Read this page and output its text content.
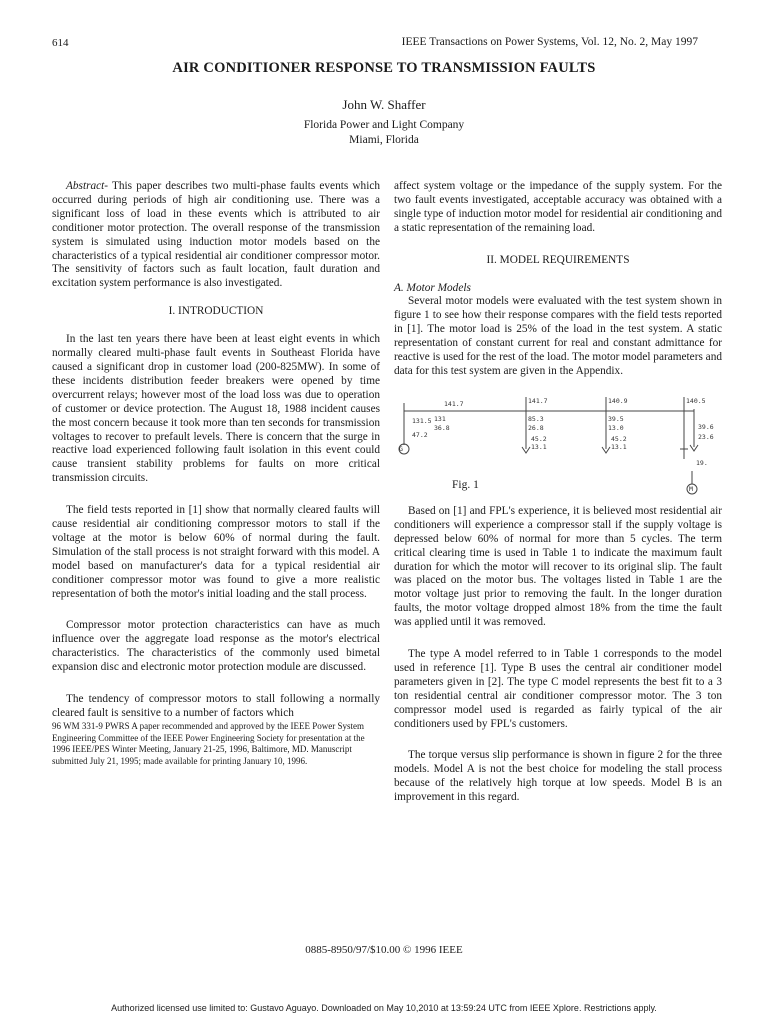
614	IEEE Transactions on Power Systems, Vol. 12, No. 2, May 1997
AIR CONDITIONER RESPONSE TO TRANSMISSION FAULTS
John W. Shaffer
Florida Power and Light Company
Miami, Florida

Abstract- This paper describes two multi-phase faults events which occurred during periods of high air conditioning use. There was a significant loss of load in these events which is attributed to air conditioner motor protection. The overall response of the transmission system is simulated using induction motor models based on the characteristics of a typical residential air conditioner compressor motor. The sensitivity of factors such as fault location, fault duration and excitation system performance is also investigated.

I. INTRODUCTION

In the last ten years there have been at least eight events in which normally cleared multi-phase fault events in Southeast Florida have caused a significant drop in customer load (200-825MW). In some of these incidents distribution feeder breakers were opened by time overcurrent relays; however most of the load loss was due to operation of customer or device protection. The August 18, 1988 incident causes the most concern because it took more than ten seconds for transmission voltages to recover to prefault levels. There is concern that the surge in reactive load experienced following fault isolation in this event could cause transient stability problems for faults on more critical transmission circuits.

The field tests reported in [1] show that normally cleared faults will cause residential air conditioning compressor motors to stall if the voltage at the motor is below 60% of normal during the fault. Simulation of the stall process is not straight forward with this model. A model based on manufacturer's data for a typical residential air conditioner compressor motor was found to give a more realistic representation of both the motor's initial loading and the stall process.

Compressor motor protection characteristics can have as much influence over the aggregate load response as the motor's electrical characteristics. The characteristics of the commonly used bimetal expansion disc and electronic motor protection module are discussed.

The tendency of compressor motors to stall following a normally cleared fault is sensitive to a number of factors which

96 WM 331-9 PWRS A paper recommended and approved by the IEEE Power System Engineering Committee of the IEEE Power Engineering Society for presentation at the 1996 IEEE/PES Winter Meeting, January 21-25, 1996, Baltimore, MD. Manuscript submitted July 21, 1995; made available for printing January 10, 1996.

affect system voltage or the impedance of the supply system. For the two fault events investigated, acceptable accuracy was obtained with a single type of induction motor model for residential air conditioning and a static representation of the remaining load.

II. MODEL REQUIREMENTS

A. Motor Models

Several motor models were evaluated with the test system shown in figure 1 to see how their response compares with the field tests reported in [1]. The motor load is 25% of the load in the test system. A static representation of constant current for real and constant admittance for reactive is used for the rest of the load. The motor model parameters and data for this test system are given in the Appendix.

G
M
141.7	141.7	140.9	140.5
131
36.8
131.5
47.2
85.3
26.8
45.2
13.1
39.5
13.0
45.2
13.1
39.6
23.6
19.
Fig. 1

Based on [1] and FPL's experience, it is believed most residential air conditioners will experience a compressor stall if the supply voltage is depressed below 60% of normal for more than 5 cycles. The term critical clearing time is used in Table 1 to indicate the maximum fault duration for which the motor will recover to its original slip. The fault was placed on the motor bus. The voltages listed in Table 1 are the motor voltage just prior to removing the fault. In the longer duration faults, the motor voltage dropped almost 18% from the time the fault was applied until it was removed.

The type A model referred to in Table 1 corresponds to the model used in reference [1]. Type B uses the central air conditioner model parameters given in [2]. The type C model represents the best fit to a 3 ton residential central air conditioner compressor motor. The 3 ton compressor model used is regarded as fairly typical of the air conditioners used by FPL's customers.

The torque versus slip performance is shown in figure 2 for the three models. Model A is not the best choice for modeling the stall process because of the relatively high torque at low speeds. Model B is an improvement in this regard.

0885-8950/97/$10.00 © 1996 IEEE
Authorized licensed use limited to: Gustavo Aguayo. Downloaded on May 10,2010 at 13:59:24 UTC from IEEE Xplore. Restrictions apply.
